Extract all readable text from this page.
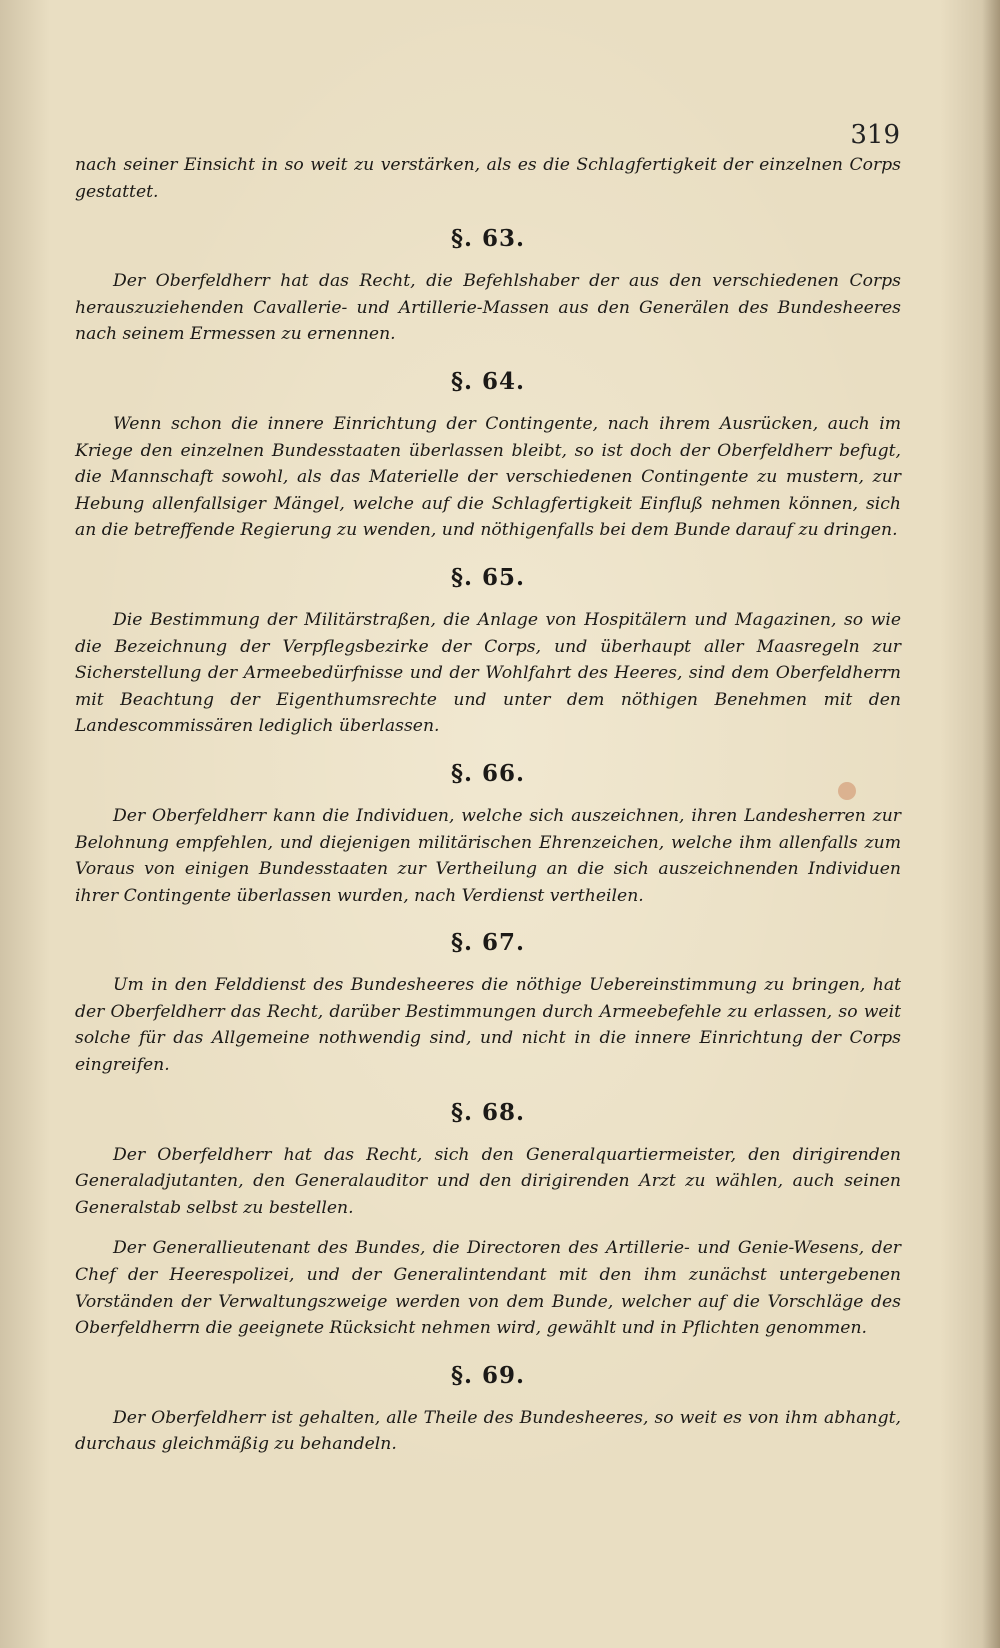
319

nach seiner Einsicht in so weit zu verstärken, als es die Schlagfertigkeit der einzelnen Corps gestattet.

§. 63.

Der Oberfeldherr hat das Recht, die Befehlshaber der aus den verschiedenen Corps herauszuziehenden Cavallerie- und Artillerie-Massen aus den Generälen des Bundesheeres nach seinem Ermessen zu ernennen.

§. 64.

Wenn schon die innere Einrichtung der Contingente, nach ihrem Ausrücken, auch im Kriege den einzelnen Bundesstaaten überlassen bleibt, so ist doch der Oberfeldherr befugt, die Mannschaft sowohl, als das Materielle der verschiedenen Contingente zu mustern, zur Hebung allenfallsiger Mängel, welche auf die Schlagfertigkeit Einfluß nehmen können, sich an die betreffende Regierung zu wenden, und nöthigenfalls bei dem Bunde darauf zu dringen.

§. 65.

Die Bestimmung der Militärstraßen, die Anlage von Hospitälern und Magazinen, so wie die Bezeichnung der Verpflegsbezirke der Corps, und überhaupt aller Maasregeln zur Sicherstellung der Armeebedürfnisse und der Wohlfahrt des Heeres, sind dem Oberfeldherrn mit Beachtung der Eigenthumsrechte und unter dem nöthigen Benehmen mit den Landescommissären lediglich überlassen.

§. 66.

Der Oberfeldherr kann die Individuen, welche sich auszeichnen, ihren Landesherren zur Belohnung empfehlen, und diejenigen militärischen Ehrenzeichen, welche ihm allenfalls zum Voraus von einigen Bundesstaaten zur Vertheilung an die sich auszeichnenden Individuen ihrer Contingente überlassen wurden, nach Verdienst vertheilen.

§. 67.

Um in den Felddienst des Bundesheeres die nöthige Uebereinstimmung zu bringen, hat der Oberfeldherr das Recht, darüber Bestimmungen durch Armeebefehle zu erlassen, so weit solche für das Allgemeine nothwendig sind, und nicht in die innere Einrichtung der Corps eingreifen.

§. 68.

Der Oberfeldherr hat das Recht, sich den Generalquartiermeister, den dirigirenden Generaladjutanten, den Generalauditor und den dirigirenden Arzt zu wählen, auch seinen Generalstab selbst zu bestellen.

Der Generallieutenant des Bundes, die Directoren des Artillerie- und Genie-Wesens, der Chef der Heerespolizei, und der Generalintendant mit den ihm zunächst untergebenen Vorständen der Verwaltungszweige werden von dem Bunde, welcher auf die Vorschläge des Oberfeldherrn die geeignete Rücksicht nehmen wird, gewählt und in Pflichten genommen.

§. 69.

Der Oberfeldherr ist gehalten, alle Theile des Bundesheeres, so weit es von ihm abhangt, durchaus gleichmäßig zu behandeln.
